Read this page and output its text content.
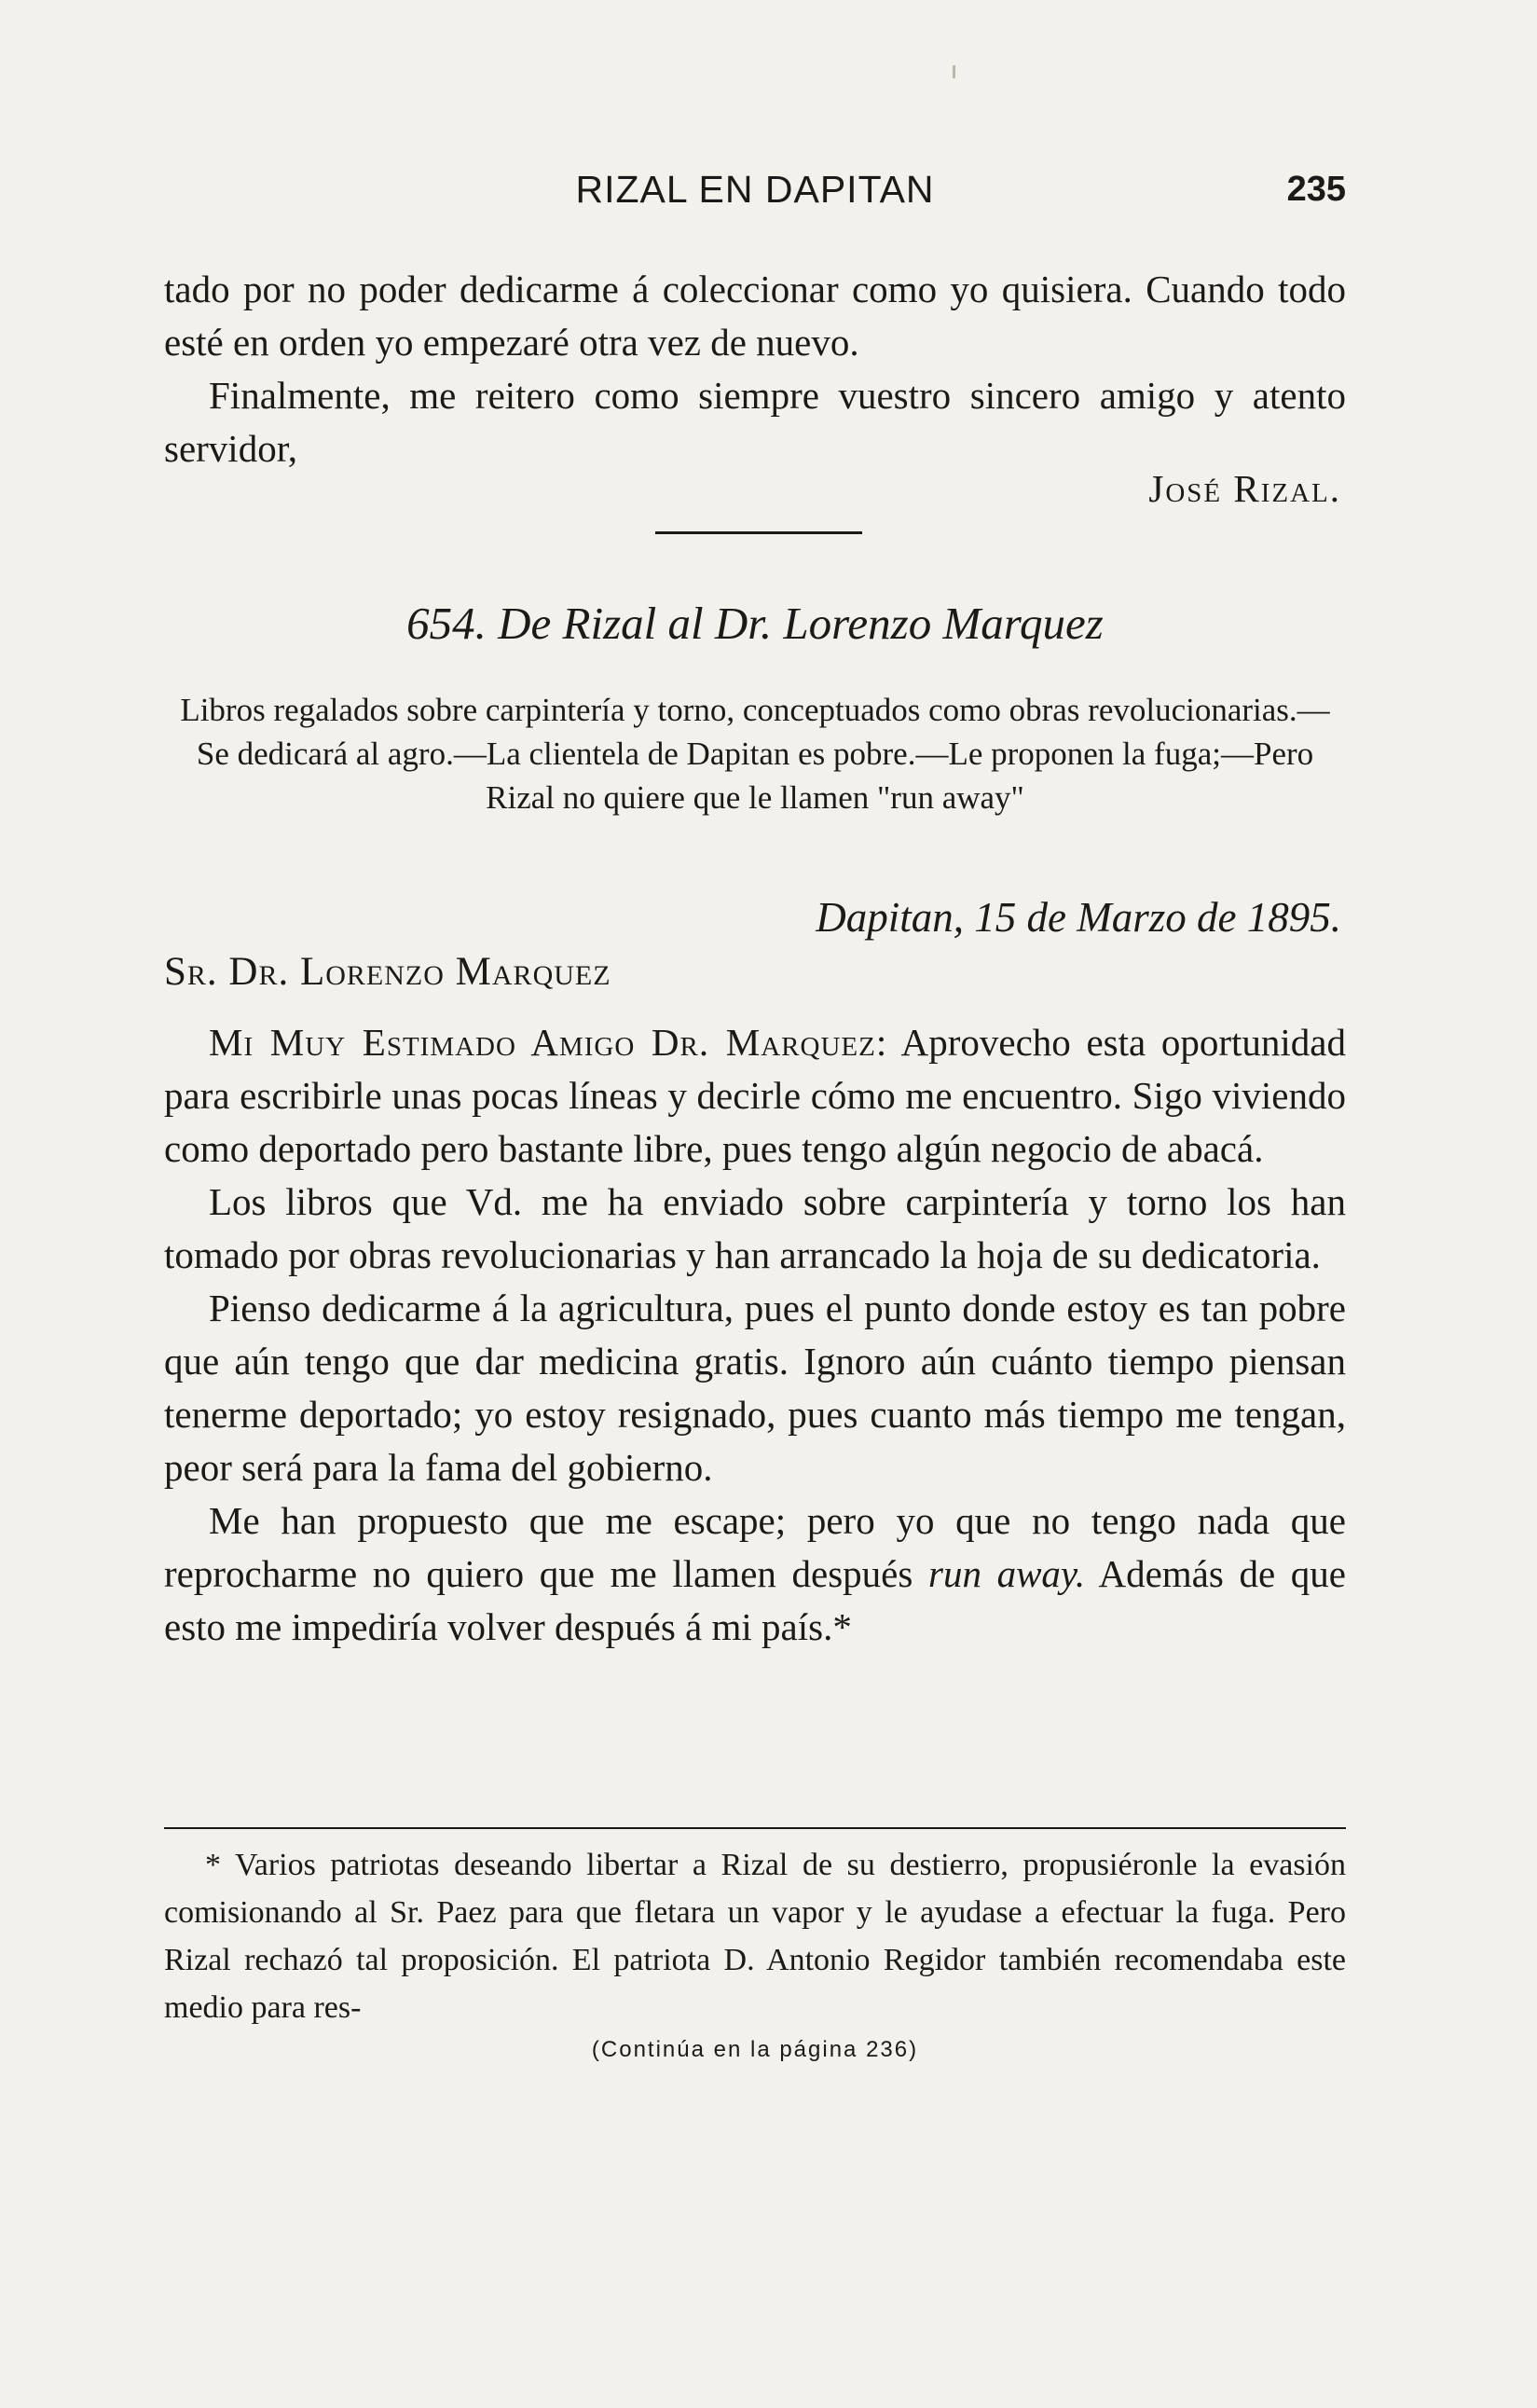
RIZAL EN DAPITAN	235

tado por no poder dedicarme á coleccionar como yo quisiera. Cuando todo esté en orden yo empezaré otra vez de nuevo.

Finalmente, me reitero como siempre vuestro sincero amigo y atento servidor,

José Rizal.
654. De Rizal al Dr. Lorenzo Marquez
Libros regalados sobre carpintería y torno, conceptuados como obras revolucionarias.—Se dedicará al agro.—La clientela de Dapitan es pobre.—Le proponen la fuga;—Pero Rizal no quiere que le llamen "run away"
Dapitan, 15 de Marzo de 1895.
Sr. Dr. Lorenzo Marquez

Mi Muy Estimado Amigo Dr. Marquez: Aprovecho esta oportunidad para escribirle unas pocas líneas y decirle cómo me encuentro. Sigo viviendo como deportado pero bastante libre, pues tengo algún negocio de abacá.

Los libros que Vd. me ha enviado sobre carpintería y torno los han tomado por obras revolucionarias y han arrancado la hoja de su dedicatoria.

Pienso dedicarme á la agricultura, pues el punto donde estoy es tan pobre que aún tengo que dar medicina gratis. Ignoro aún cuánto tiempo piensan tenerme deportado; yo estoy resignado, pues cuanto más tiempo me tengan, peor será para la fama del gobierno.

Me han propuesto que me escape; pero yo que no tengo nada que reprocharme no quiero que me llamen después run away. Además de que esto me impediría volver después á mi país.*

* Varios patriotas deseando libertar a Rizal de su destierro, propusiéronle la evasión comisionando al Sr. Paez para que fletara un vapor y le ayudase a efectuar la fuga. Pero Rizal rechazó tal proposición. El patriota D. Antonio Regidor también recomendaba este medio para res-
(Continúa en la página 236)
